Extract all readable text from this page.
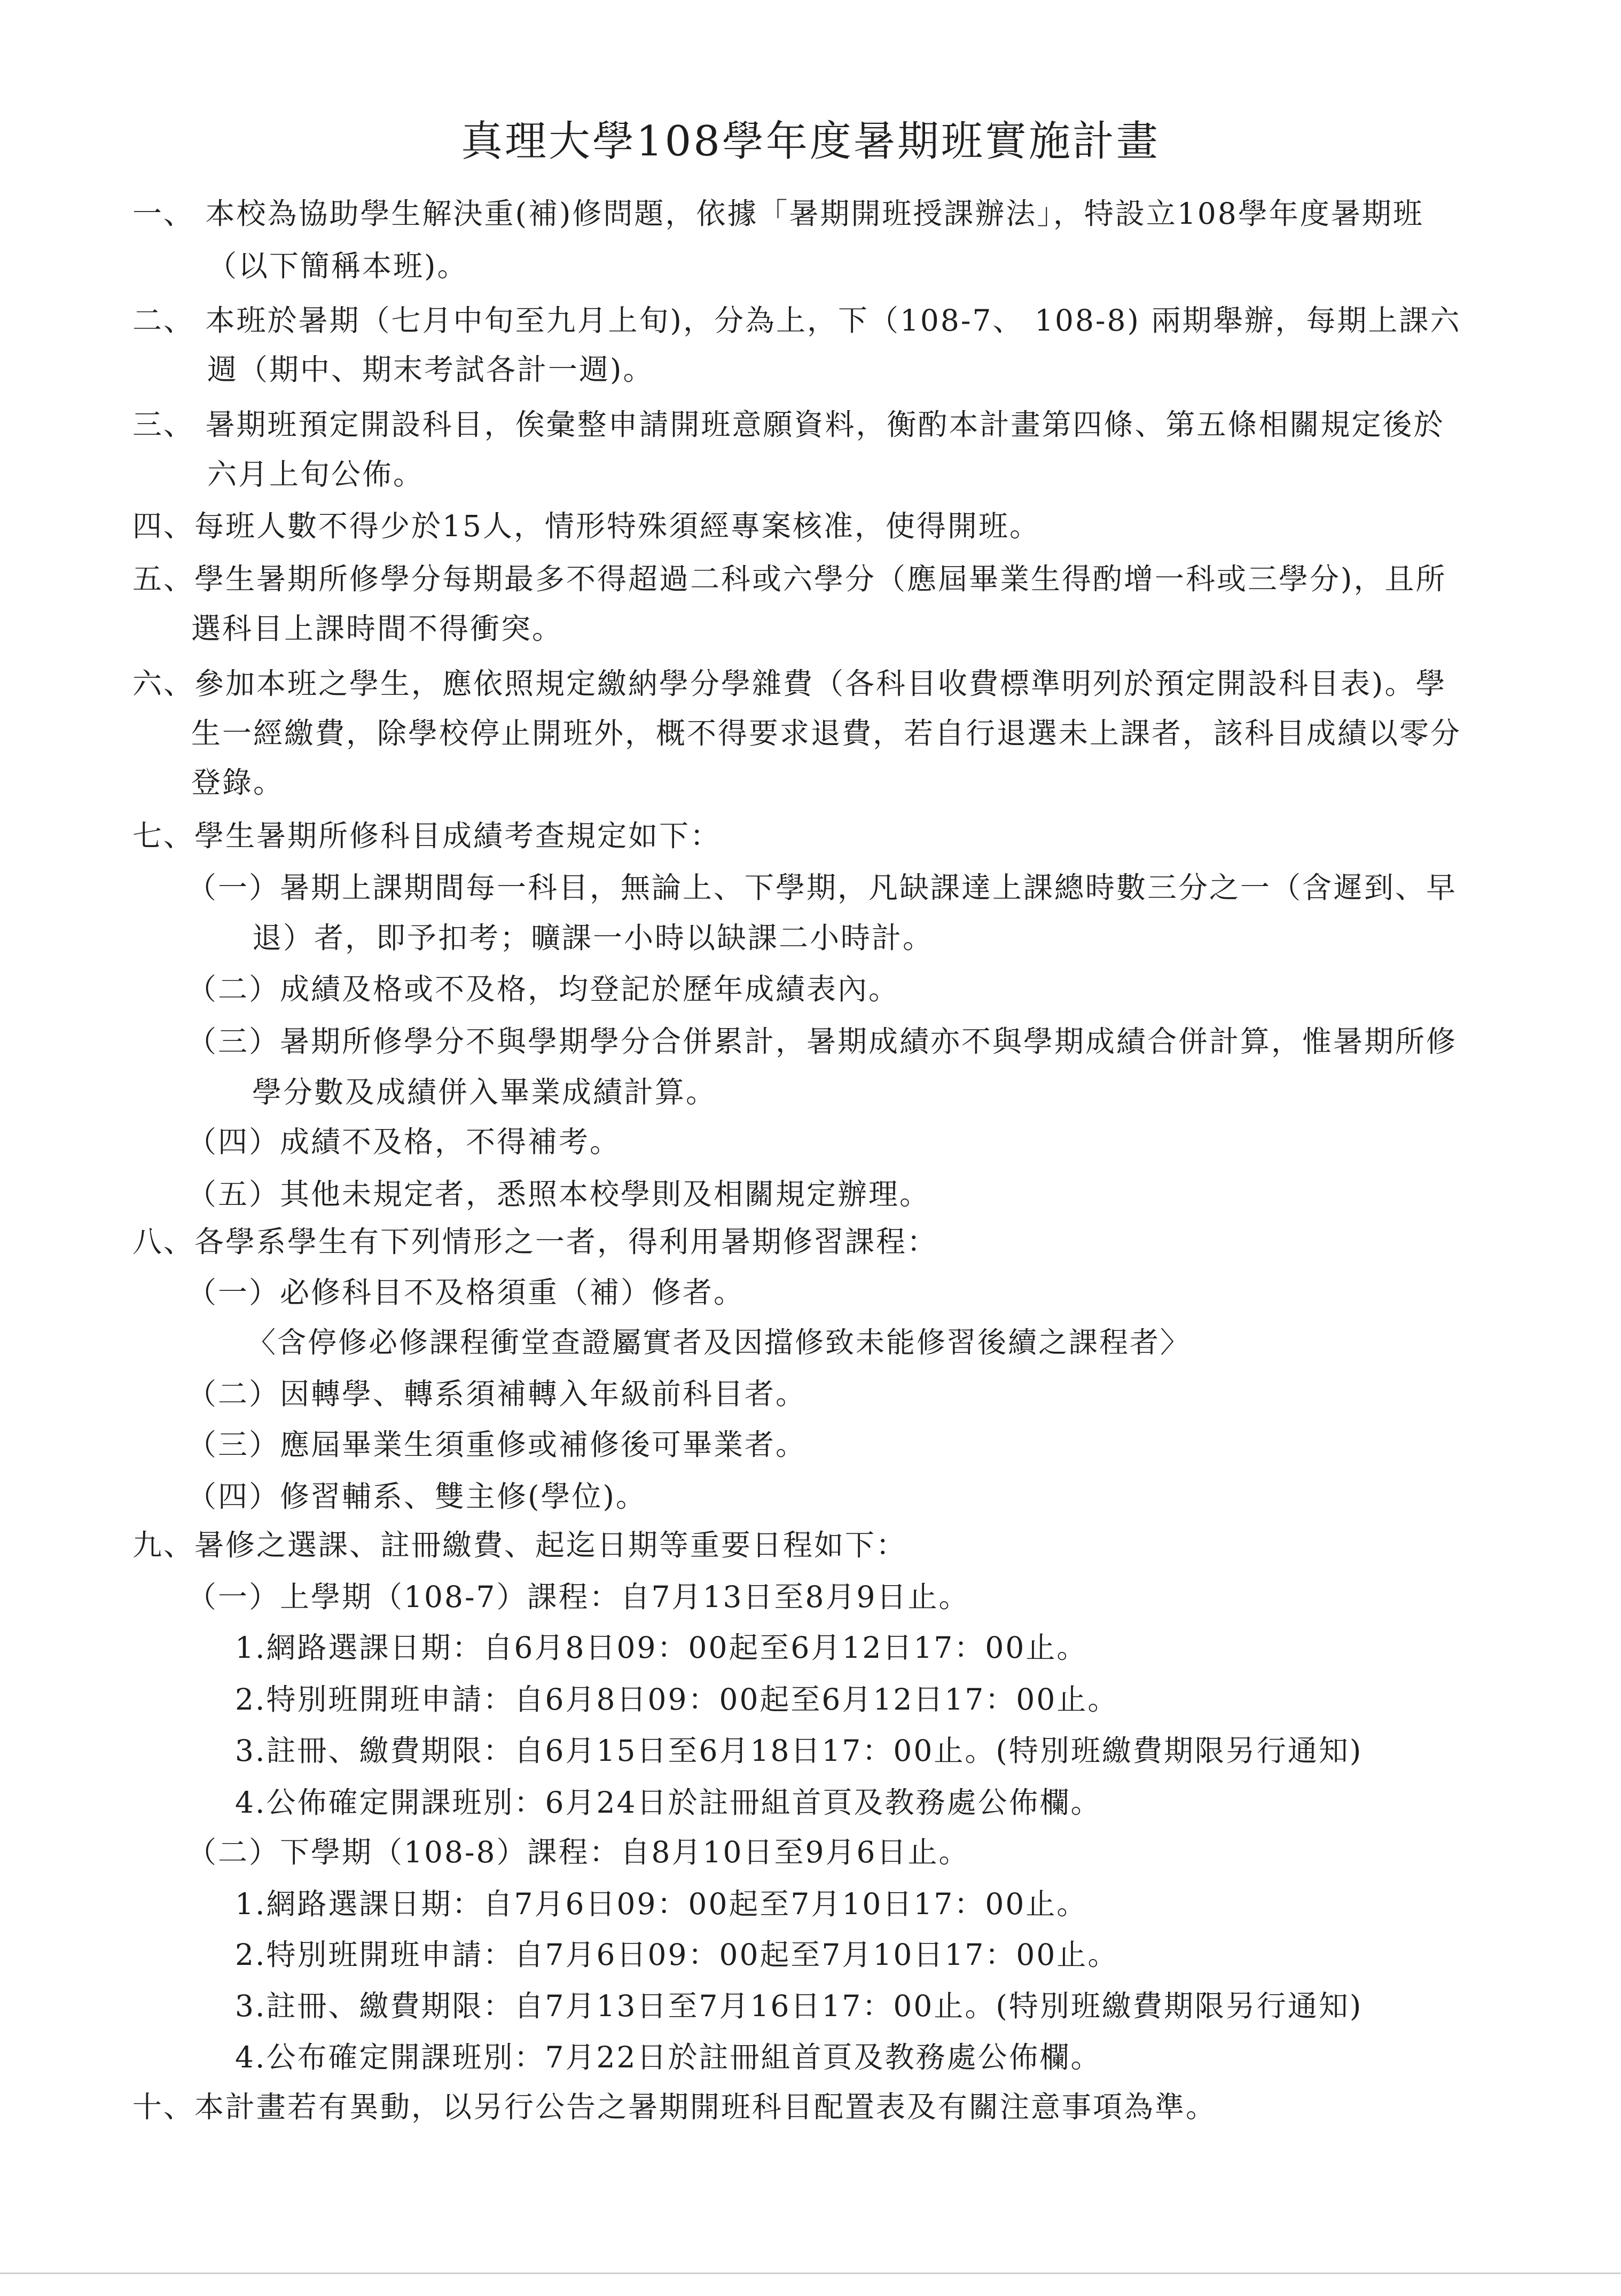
真理大學108學年度暑期班實施計畫
一、 本校為協助學生解決重(補)修問題，依據「暑期開班授課辦法」，特設立108學年度暑期班
（以下簡稱本班)。
二、 本班於暑期（七月中旬至九月上旬)，分為上，下（108-7、 108-8) 兩期舉辦，每期上課六
週（期中、期末考試各計一週)。
三、 暑期班預定開設科目，俟彙整申請開班意願資料，衡酌本計畫第四條、第五條相關規定後於
六月上旬公佈。
四、每班人數不得少於15人，情形特殊須經專案核准，使得開班。
五、學生暑期所修學分每期最多不得超過二科或六學分（應屆畢業生得酌增一科或三學分)，且所
選科目上課時間不得衝突。
六、參加本班之學生，應依照規定繳納學分學雜費（各科目收費標準明列於預定開設科目表)。學
生一經繳費，除學校停止開班外，概不得要求退費，若自行退選未上課者，該科目成績以零分
登錄。
七、學生暑期所修科目成績考查規定如下：
（一）暑期上課期間每一科目，無論上、下學期，凡缺課達上課總時數三分之一（含遲到、早
退）者，即予扣考；曠課一小時以缺課二小時計。
（二）成績及格或不及格，均登記於歷年成績表內。
（三）暑期所修學分不與學期學分合併累計，暑期成績亦不與學期成績合併計算，惟暑期所修
學分數及成績併入畢業成績計算。
（四）成績不及格，不得補考。
（五）其他未規定者，悉照本校學則及相關規定辦理。
八、各學系學生有下列情形之一者，得利用暑期修習課程：
（一）必修科目不及格須重（補）修者。
〈含停修必修課程衝堂查證屬實者及因擋修致未能修習後續之課程者〉
（二）因轉學、轉系須補轉入年級前科目者。
（三）應屆畢業生須重修或補修後可畢業者。
（四）修習輔系、雙主修(學位)。
九、暑修之選課、註冊繳費、起迄日期等重要日程如下：
（一）上學期（108-7）課程：自7月13日至8月9日止。
1.網路選課日期：自6月8日09：00起至6月12日17：00止。
2.特別班開班申請：自6月8日09：00起至6月12日17：00止。
3.註冊、繳費期限：自6月15日至6月18日17：00止。(特別班繳費期限另行通知)
4.公佈確定開課班別：6月24日於註冊組首頁及教務處公佈欄。
（二）下學期（108-8）課程：自8月10日至9月6日止。
1.網路選課日期：自7月6日09：00起至7月10日17：00止。
2.特別班開班申請：自7月6日09：00起至7月10日17：00止。
3.註冊、繳費期限：自7月13日至7月16日17：00止。(特別班繳費期限另行通知)
4.公布確定開課班別：7月22日於註冊組首頁及教務處公佈欄。
十、本計畫若有異動，以另行公告之暑期開班科目配置表及有關注意事項為準。
